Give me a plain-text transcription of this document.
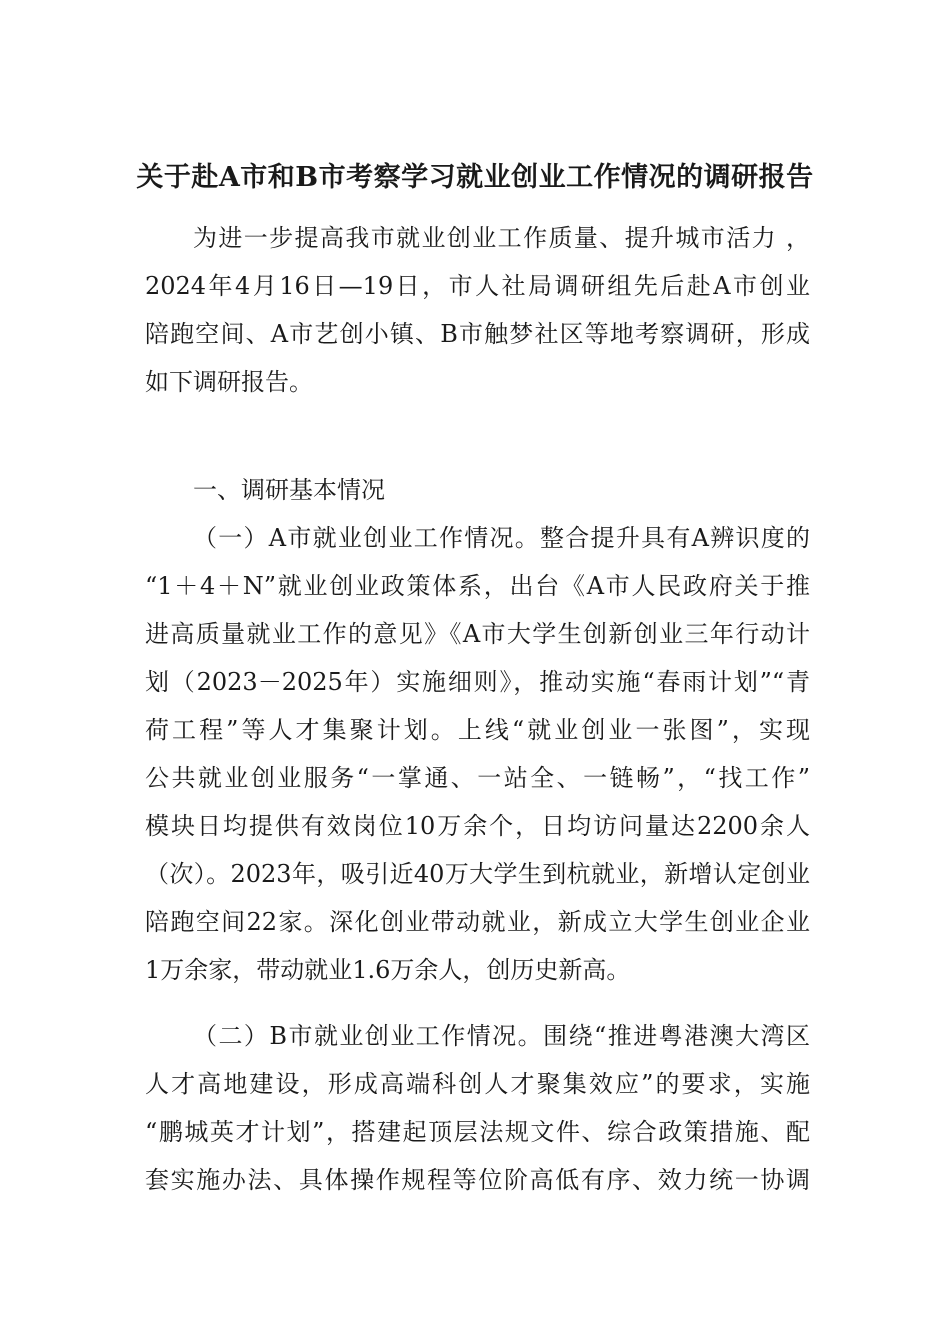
关于赴A市和B市考察学习就业创业工作情况的调研报告
为进一步提高我市就业创业工作质量、提升城市活力 ，
2024年4月16日—19日，市人社局调研组先后赴A市创业
陪跑空间、A市艺创小镇、B市触梦社区等地考察调研，形成
如下调研报告。
一、调研基本情况
（一）A市就业创业工作情况。整合提升具有A辨识度的
“1＋4＋N”就业创业政策体系，出台《A市人民政府关于推
进高质量就业工作的意见》《A市大学生创新创业三年行动计
划（2023－2025年）实施细则》，推动实施“春雨计划”“青
荷工程”等人才集聚计划。上线“就业创业一张图”，实现
公共就业创业服务“一掌通、一站全、一链畅”，“找工作”
模块日均提供有效岗位10万余个，日均访问量达2200余人
（次）。2023年，吸引近40万大学生到杭就业，新增认定创业
陪跑空间22家。深化创业带动就业，新成立大学生创业企业
1万余家，带动就业1.6万余人，创历史新高。
（二）B市就业创业工作情况。围绕“推进粤港澳大湾区
人才高地建设，形成高端科创人才聚集效应”的要求，实施
“鹏城英才计划”，搭建起顶层法规文件、综合政策措施、配
套实施办法、具体操作规程等位阶高低有序、效力统一协调
